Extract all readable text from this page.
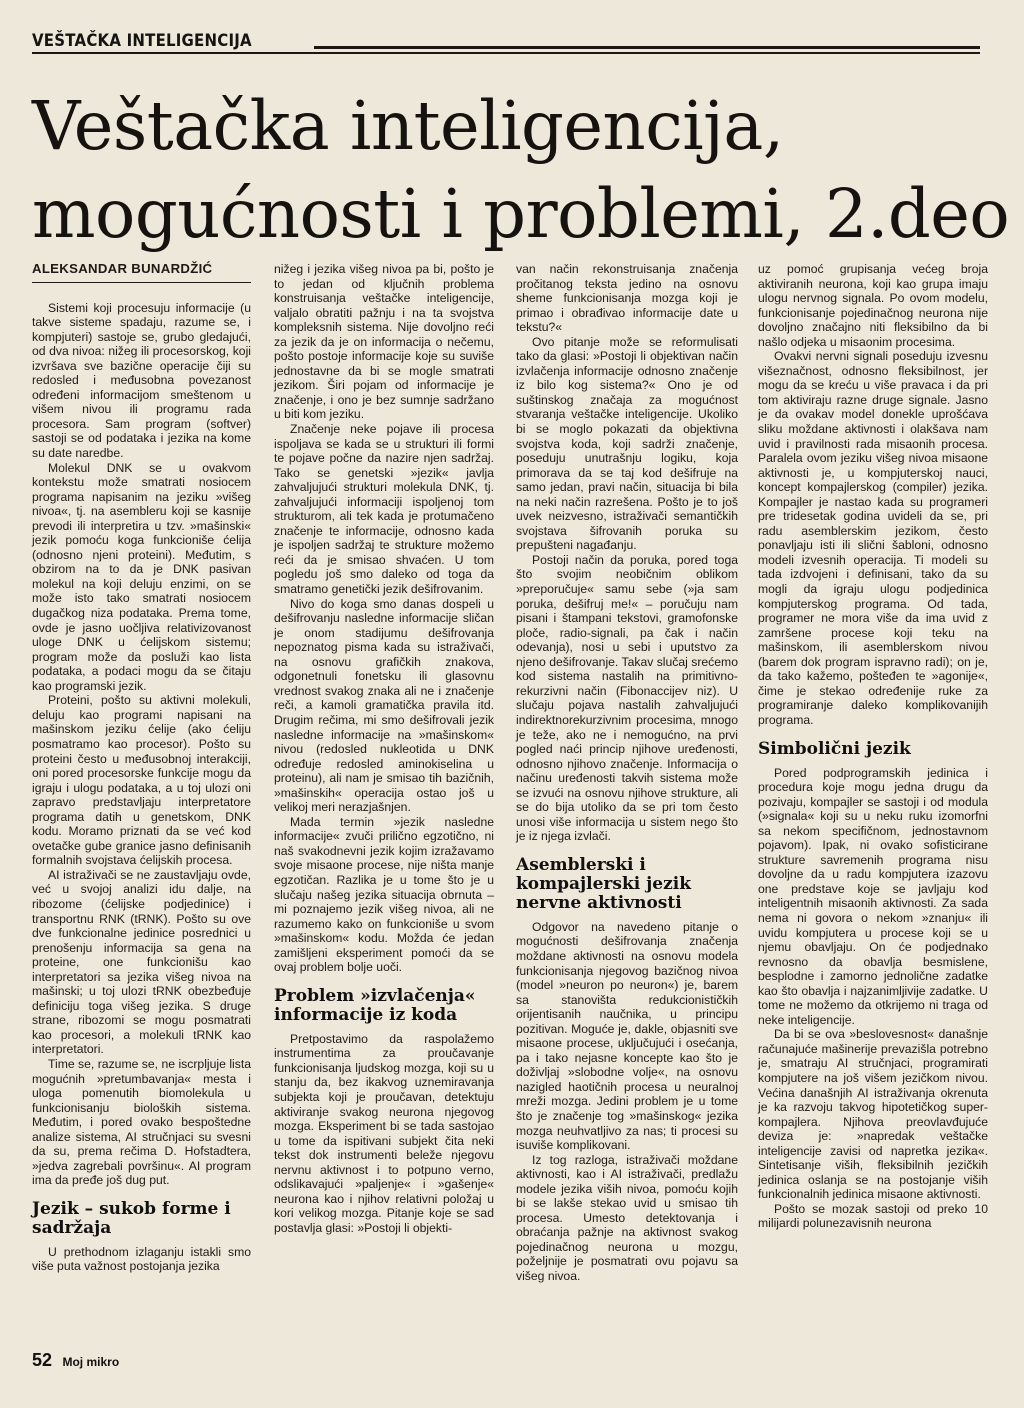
VEŠTAČKA INTELIGENCIJA
Veštačka inteligencija,
mogućnosti i problemi, 2.deo
ALEKSANDAR BUNARDŽIĆ

Sistemi koji procesuju informacije (u takve sisteme spadaju, razume se, i kompjuteri) sastoje se, grubo gledajući, od dva nivoa: nižeg ili procesorskog, koji izvršava sve bazične operacije čiji su redosled i međusobna povezanost određeni informacijom smeštenom u višem nivou ili programu rada procesora. Sam program (softver) sastoji se od podataka i jezika na kome su date naredbe.

Molekul DNK se u ovakvom kontekstu može smatrati nosiocem programa napisanim na jeziku »višeg nivoa«, tj. na asembleru koji se kasnije prevodi ili interpretira u tzv. »mašinski« jezik pomoću koga funkcioniše ćelija (odnosno njeni proteini). Međutim, s obzirom na to da je DNK pasivan molekul na koji deluju enzimi, on se može isto tako smatrati nosiocem dugačkog niza podataka. Prema tome, ovde je jasno uočljiva relativizovanost uloge DNK u ćelijskom sistemu; program može da posluži kao lista podataka, a podaci mogu da se čitaju kao programski jezik.

Proteini, pošto su aktivni molekuli, deluju kao programi napisani na mašinskom jeziku ćelije (ako ćeliju posmatramo kao procesor). Pošto su proteini često u međusobnoj interakciji, oni pored procesorske funkcije mogu da igraju i ulogu podataka, a u toj ulozi oni zapravo predstavljaju interpretatore programa datih u genetskom, DNK kodu. Moramo priznati da se već kod ovetačke gube granice jasno definisanih formalnih svojstava ćelijskih procesa.

AI istraživači se ne zaustavljaju ovde, već u svojoj analizi idu dalje, na ribozome (ćelijske podjedinice) i transportnu RNK (tRNK). Pošto su ove dve funkcionalne jedinice posrednici u prenošenju informacija sa gena na proteine, one funkcionišu kao interpretatori sa jezika višeg nivoa na mašinski; u toj ulozi tRNK obezbeđuje definiciju toga višeg jezika. S druge strane, ribozomi se mogu posmatrati kao procesori, a molekuli tRNK kao interpretatori.

Time se, razume se, ne iscrpljuje lista mogućnih »pretumbavanja« mesta i uloga pomenutih biomolekula u funkcionisanju bioloških sistema. Međutim, i pored ovako bespoštedne analize sistema, AI stručnjaci su svesni da su, prema rečima D. Hofstadtera, »jedva zagrebali površinu«. AI program ima da pređe još dug put.

Jezik – sukob forme i sadržaja

U prethodnom izlaganju istakli smo više puta važnost postojanja jezika

nižeg i jezika višeg nivoa pa bi, pošto je to jedan od ključnih problema konstruisanja veštačke inteligencije, valjalo obratiti pažnju i na ta svojstva kompleksnih sistema. Nije dovoljno reći za jezik da je on informacija o nečemu, pošto postoje informacije koje su suviše jednostavne da bi se mogle smatrati jezikom. Širi pojam od informacije je značenje, i ono je bez sumnje sadržano u biti kom jeziku.

Značenje neke pojave ili procesa ispoljava se kada se u strukturi ili formi te pojave počne da nazire njen sadržaj. Tako se genetski »jezik« javlja zahvaljujući strukturi molekula DNK, tj. zahvaljujući informaciji ispoljenoj tom strukturom, ali tek kada je protumačeno značenje te informacije, odnosno kada je ispoljen sadržaj te strukture možemo reći da je smisao shvaćen. U tom pogledu još smo daleko od toga da smatramo genetički jezik dešifrovanim.

Nivo do koga smo danas dospeli u dešifrovanju nasledne informacije sličan je onom stadijumu dešifrovanja nepoznatog pisma kada su istraživači, na osnovu grafičkih znakova, odgonetnuli fonetsku ili glasovnu vrednost svakog znaka ali ne i značenje reči, a kamoli gramatička pravila itd. Drugim rečima, mi smo dešifrovali jezik nasledne informacije na »mašinskom« nivou (redosled nukleotida u DNK određuje redosled aminokiselina u proteinu), ali nam je smisao tih bazičnih, »mašinskih« operacija ostao još u velikoj meri nerazjašnjen.

Mada termin »jezik nasledne informacije« zvuči prilično egzotično, ni naš svakodnevni jezik kojim izražavamo svoje misaone procese, nije ništa manje egzotičan. Razlika je u tome što je u slučaju našeg jezika situacija obrnuta – mi poznajemo jezik višeg nivoa, ali ne razumemo kako on funkcioniše u svom »mašinskom« kodu. Možda će jedan zamišljeni eksperiment pomoći da se ovaj problem bolje uoči.

Problem »izvlačenja« informacije iz koda

Pretpostavimo da raspolažemo instrumentima za proučavanje funkcionisanja ljudskog mozga, koji su u stanju da, bez ikakvog uznemiravanja subjekta koji je proučavan, detektuju aktiviranje svakog neurona njegovog mozga. Eksperiment bi se tada sastojao u tome da ispitivani subjekt čita neki tekst dok instrumenti beleže njegovu nervnu aktivnost i to potpuno verno, odslikavajući »paljenje« i »gašenje« neurona kao i njihov relativni položaj u kori velikog mozga. Pitanje koje se sad postavlja glasi: »Postoji li objekti-

van način rekonstruisanja značenja pročitanog teksta jedino na osnovu sheme funkcionisanja mozga koji je primao i obrađivao informacije date u tekstu?«

Ovo pitanje može se reformulisati tako da glasi: »Postoji li objektivan način izvlačenja informacije odnosno značenje iz bilo kog sistema?« Ono je od suštinskog značaja za mogućnost stvaranja veštačke inteligencije. Ukoliko bi se moglo pokazati da objektivna svojstva koda, koji sadrži značenje, poseduju unutrašnju logiku, koja primorava da se taj kod dešifruje na samo jedan, pravi način, situacija bi bila na neki način razrešena. Pošto je to još uvek neizvesno, istraživači semantičkih svojstava šifrovanih poruka su prepušteni nagađanju.

Postoji način da poruka, pored toga što svojim neobičnim oblikom »preporučuje« samu sebe (»ja sam poruka, dešifruj me!« – poručuju nam pisani i štampani tekstovi, gramofonske ploče, radio-signali, pa čak i način odevanja), nosi u sebi i uputstvo za njeno dešifrovanje. Takav slučaj srećemo kod sistema nastalih na primitivno-rekurzivni način (Fibonaccijev niz). U slučaju pojava nastalih zahvaljujući indirektnorekurzivnim procesima, mnogo je teže, ako ne i nemogućno, na prvi pogled naći princip njihove uređenosti, odnosno njihovo značenje. Informacija o načinu uređenosti takvih sistema može se izvući na osnovu njihove strukture, ali se do bija utoliko da se pri tom često unosi više informacija u sistem nego što je iz njega izvlači.

Asemblerski i kompajlerski jezik nervne aktivnosti

Odgovor na navedeno pitanje o mogućnosti dešifrovanja značenja moždane aktivnosti na osnovu modela funkcionisanja njegovog bazičnog nivoa (model »neuron po neuron«) je, barem sa stanovišta redukcionističkih orijentisanih naučnika, u principu pozitivan. Moguće je, dakle, objasniti sve misaone procese, uključujući i osećanja, pa i tako nejasne koncepte kao što je doživljaj »slobodne volje«, na osnovu nazigled haotičnih procesa u neuralnoj mreži mozga. Jedini problem je u tome što je značenje tog »mašinskog« jezika mozga neuhvatljivo za nas; ti procesi su isuviše komplikovani.

Iz tog razloga, istraživači moždane aktivnosti, kao i AI istraživači, predlažu modele jezika viših nivoa, pomoću kojih bi se lakše stekao uvid u smisao tih procesa. Umesto detektovanja i obraćanja pažnje na aktivnost svakog pojedinačnog neurona u mozgu, poželjnije je posmatrati ovu pojavu sa višeg nivoa.

uz pomoć grupisanja većeg broja aktiviranih neurona, koji kao grupa imaju ulogu nervnog signala. Po ovom modelu, funkcionisanje pojedinačnog neurona nije dovoljno značajno niti fleksibilno da bi našlo odjeka u misaonim procesima.

Ovakvi nervni signali poseduju izvesnu višeznačnost, odnosno fleksibilnost, jer mogu da se kreću u više pravaca i da pri tom aktiviraju razne druge signale. Jasno je da ovakav model donekle uprošćava sliku moždane aktivnosti i olakšava nam uvid i pravilnosti rada misaonih procesa. Paralela ovom jeziku višeg nivoa misaone aktivnosti je, u kompjuterskoj nauci, koncept kompajlerskog (compiler) jezika. Kompajler je nastao kada su programeri pre tridesetak godina uvideli da se, pri radu asemblerskim jezikom, često ponavljaju isti ili slični šabloni, odnosno modeli izvesnih operacija. Ti modeli su tada izdvojeni i definisani, tako da su mogli da igraju ulogu podjedinica kompjuterskog programa. Od tada, programer ne mora više da ima uvid z zamršene procese koji teku na mašinskom, ili asemblerskom nivou (barem dok program ispravno radi); on je, da tako kažemo, pošteđen te »agonije«, čime je stekao određenije ruke za programiranje daleko komplikovanijih programa.

Simbolični jezik

Pored podprogramskih jedinica i procedura koje mogu jedna drugu da pozivaju, kompajler se sastoji i od modula (»signala« koji su u neku ruku izomorfni sa nekom specifičnom, jednostavnom pojavom). Ipak, ni ovako sofisticirane strukture savremenih programa nisu dovoljne da u radu kompjutera izazovu one predstave koje se javljaju kod inteligentnih misaonih aktivnosti. Za sada nema ni govora o nekom »znanju« ili uvidu kompjutera u procese koji se u njemu obavljaju. On će podjednako revnosno da obavlja besmislene, besplodne i zamorno jednolične zadatke kao što obavlja i najzanimljivije zadatke. U tome ne možemo da otkrijemo ni traga od neke inteligencije.

Da bi se ova »beslovesnost« današnje računajuće mašinerije prevazišla potrebno je, smatraju AI stručnjaci, programirati kompjutere na još višem jezičkom nivou. Većina današnjih AI istraživanja okrenuta je ka razvoju takvog hipotetičkog super-kompajlera. Njihova preovlavđujuće deviza je: »napredak veštačke inteligencije zavisi od napretka jezika«. Sintetisanje viših, fleksibilnih jezičkih jedinica oslanja se na postojanje viših funkcionalnih jedinica misaone aktivnosti.

Pošto se mozak sastoji od preko 10 milijardi polunezavisnih neurona

52 Moj mikro
